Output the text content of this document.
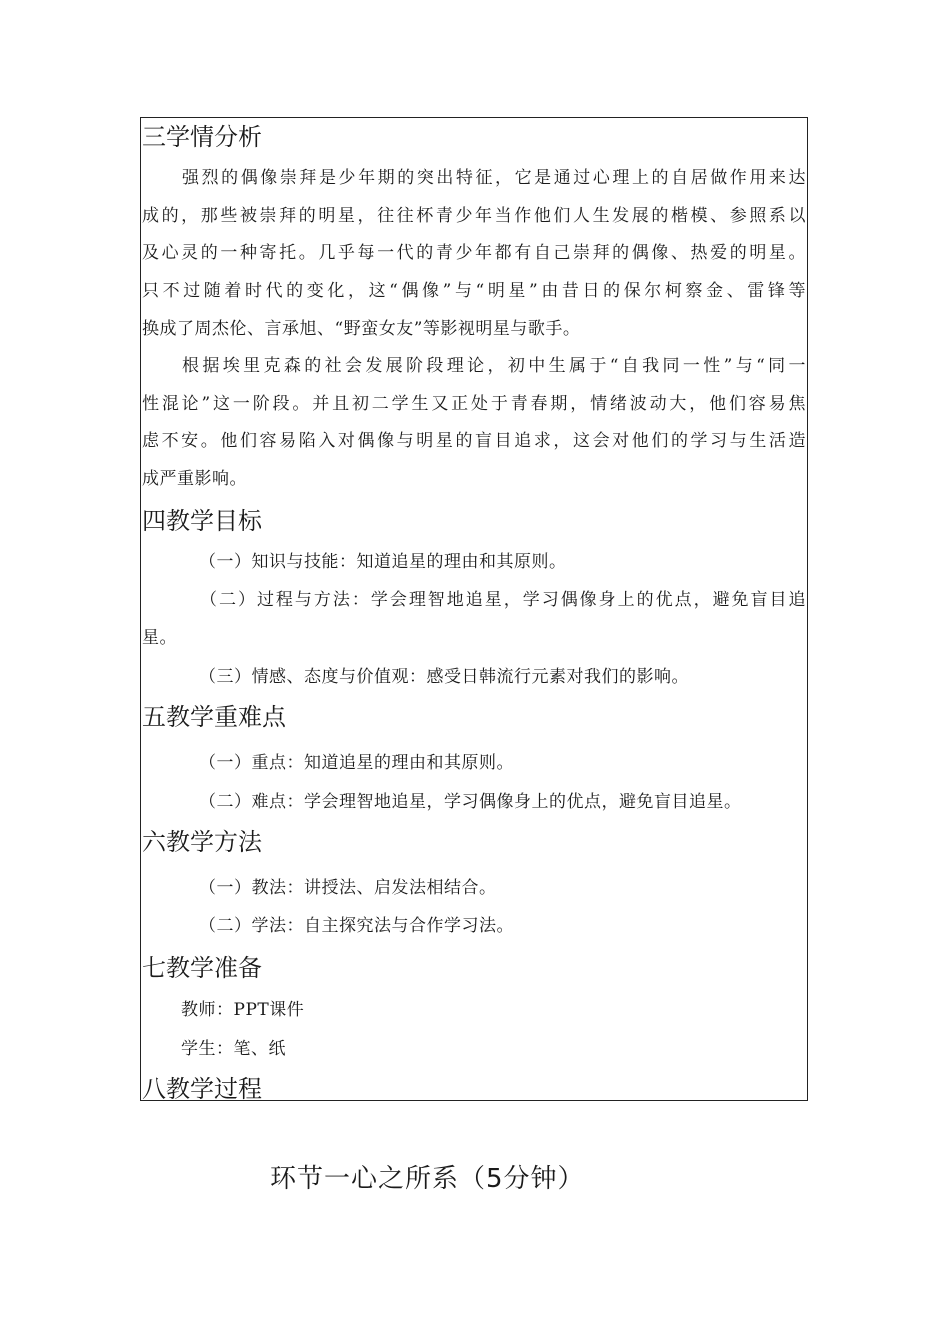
三学情分析
强烈的偶像崇拜是少年期的突出特征，它是通过心理上的自居做作用来达
成的，那些被崇拜的明星，往往杯青少年当作他们人生发展的楷模、参照系以
及心灵的一种寄托。几乎每一代的青少年都有自己崇拜的偶像、热爱的明星。
只不过随着时代的变化，这“偶像”与“明星”由昔日的保尔柯察金、雷锋等
换成了周杰伦、言承旭、“野蛮女友”等影视明星与歌手。
根据埃里克森的社会发展阶段理论，初中生属于“自我同一性”与“同一
性混论”这一阶段。并且初二学生又正处于青春期，情绪波动大，他们容易焦
虑不安。他们容易陷入对偶像与明星的盲目追求，这会对他们的学习与生活造
成严重影响。
四教学目标
（一）知识与技能：知道追星的理由和其原则。
（二）过程与方法：学会理智地追星，学习偶像身上的优点，避免盲目追
星。
（三）情感、态度与价值观：感受日韩流行元素对我们的影响。
五教学重难点
（一）重点：知道追星的理由和其原则。
（二）难点：学会理智地追星，学习偶像身上的优点，避免盲目追星。
六教学方法
（一）教法：讲授法、启发法相结合。
（二）学法：自主探究法与合作学习法。
七教学准备
教师：PPT课件
学生：笔、纸
八教学过程
环节一心之所系（5分钟）
